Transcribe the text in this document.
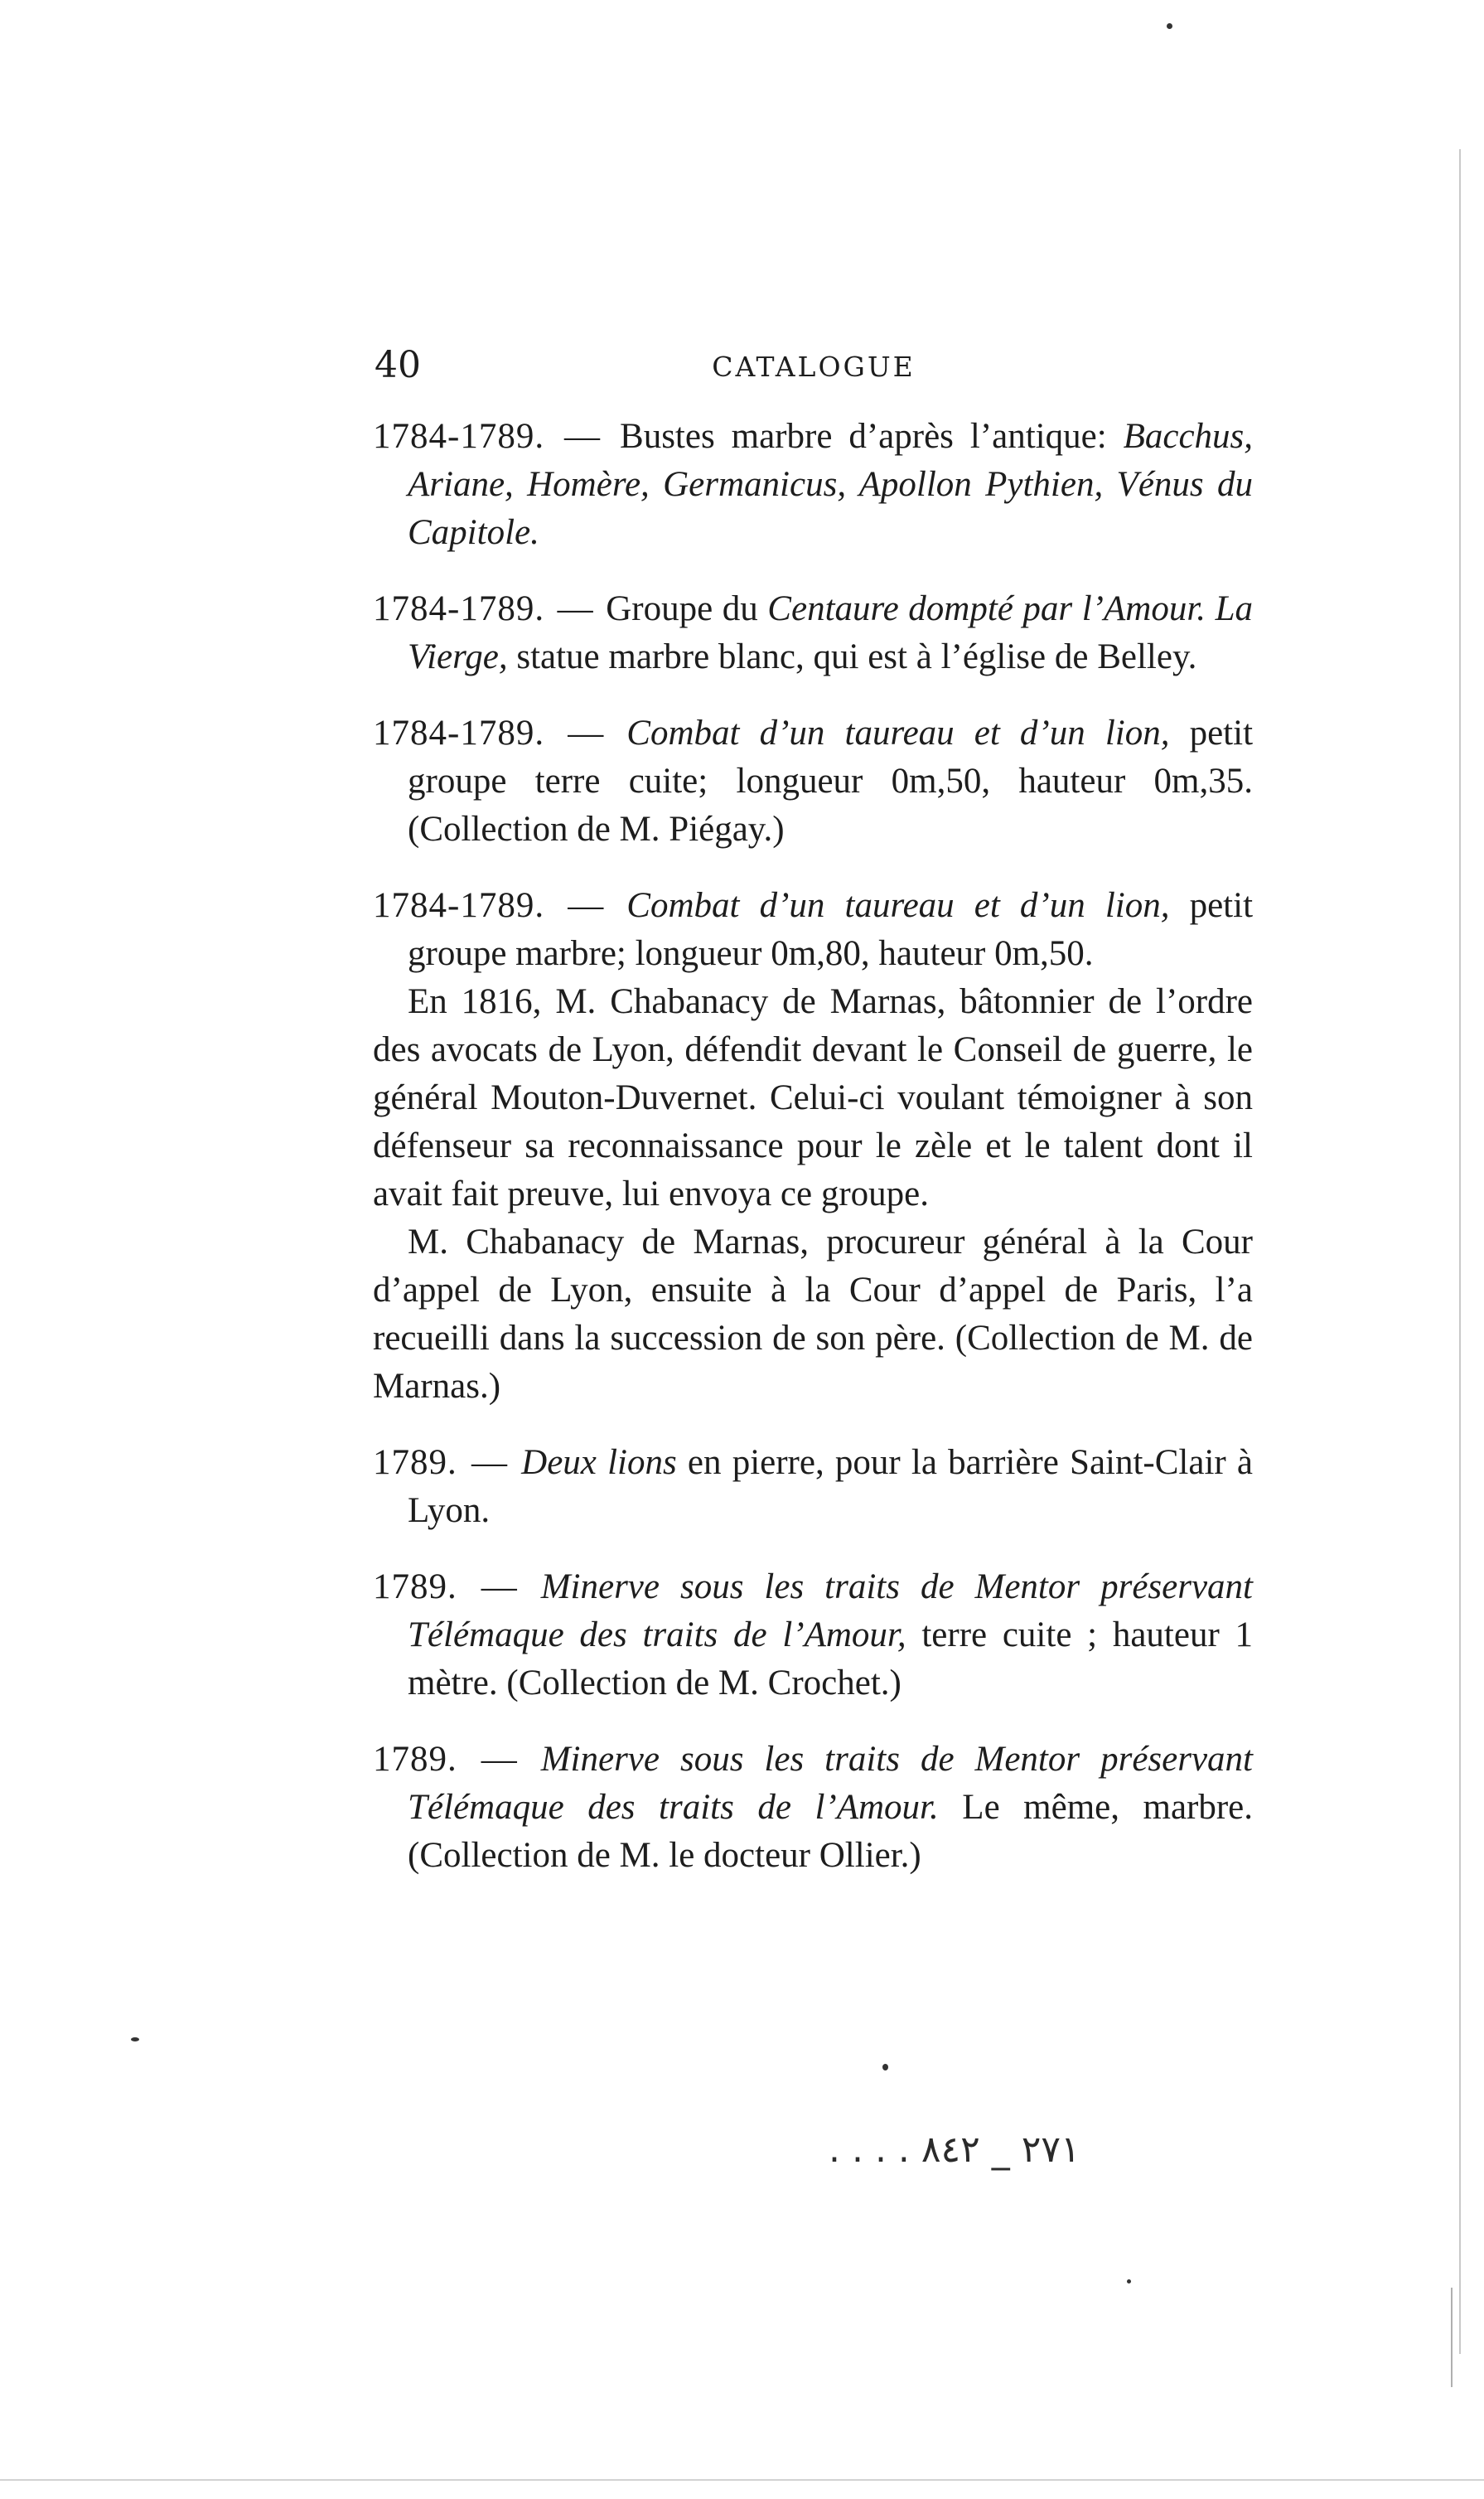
40	CATALOGUE

1784-1789. — Bustes marbre d’après l’antique: Bacchus, Ariane, Homère, Germanicus, Apollon Pythien, Vénus du Capitole.

1784-1789. — Groupe du Centaure dompté par l’Amour. La Vierge, statue marbre blanc, qui est à l’église de Belley.

1784-1789. — Combat d’un taureau et d’un lion, petit groupe terre cuite; longueur 0m,50, hauteur 0m,35. (Collection de M. Piégay.)

1784-1789. — Combat d’un taureau et d’un lion, petit groupe marbre; longueur 0m,80, hauteur 0m,50.

En 1816, M. Chabanacy de Marnas, bâtonnier de l’ordre des avocats de Lyon, défendit devant le Conseil de guerre, le général Mouton-Duvernet. Celui-ci voulant témoigner à son défenseur sa reconnaissance pour le zèle et le talent dont il avait fait preuve, lui envoya ce groupe.

M. Chabanacy de Marnas, procureur général à la Cour d’appel de Lyon, ensuite à la Cour d’appel de Paris, l’a recueilli dans la succession de son père. (Collection de M. de Marnas.)

1789. — Deux lions en pierre, pour la barrière Saint-Clair à Lyon.

1789. — Minerve sous les traits de Mentor préservant Télémaque des traits de l’Amour, terre cuite ; hauteur 1 mètre. (Collection de M. Crochet.)

1789. — Minerve sous les traits de Mentor préservant Télémaque des traits de l’Amour. Le même, marbre. (Collection de M. le docteur Ollier.)

. . . . ٢٧١ _ ٨٤٢
